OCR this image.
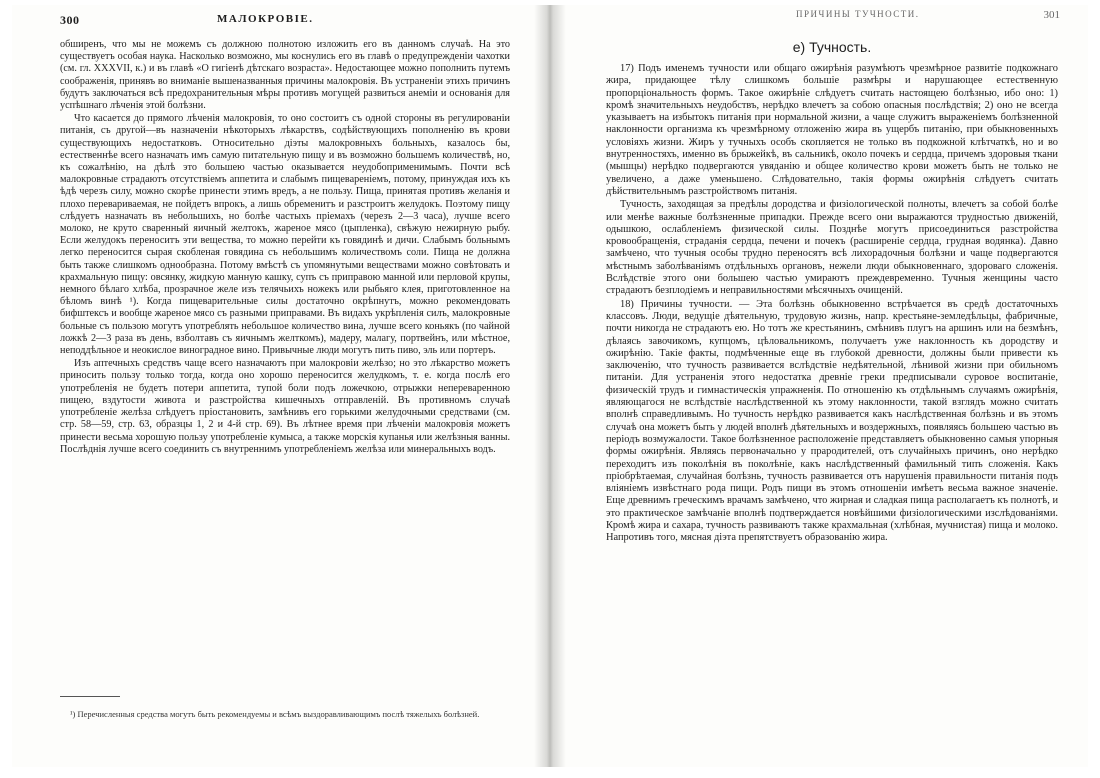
300	МАЛОКРОВІЕ.

обширенъ, что мы не можемъ съ должною полнотою изложить его въ данномъ случаѣ. На это существуетъ особая наука. Насколько возможно, мы коснулись его въ главѣ о предупрежденіи чахотки (см. гл. XXXVII, к.) и въ главѣ «О гигіенѣ дѣтскаго возраста». Недостающее можно пополнить путемъ соображенія, принявъ во вниманіе вышеназванныя причины малокровія. Въ устраненіи этихъ причинъ будутъ заключаться всѣ предохранительныя мѣры противъ могущей развиться анеміи и основанія для успѣшнаго лѣченія этой болѣзни.

Что касается до прямого лѣченія малокровія, то оно состоитъ съ одной стороны въ регулированіи питанія, съ другой—въ назначеніи нѣкоторыхъ лѣкарствъ, содѣйствующихъ пополненію въ крови существующихъ недостатковъ. Относительно діэты малокровныхъ больныхъ, казалось бы, естественнѣе всего назначать имъ самую питательную пищу и въ возможно большемъ количествѣ, но, къ сожалѣнію, на дѣлѣ это большею частью оказывается неудобоприменимымъ. Почти всѣ малокровные страдаютъ отсутствіемъ аппетита и слабымъ пищевареніемъ, потому, принуждая ихъ къ ѣдѣ черезъ силу, можно скорѣе принести этимъ вредъ, а не пользу. Пища, принятая противъ желанія и плохо перевариваемая, не пойдетъ впрокъ, а лишь обременитъ и разстроитъ желудокъ. Поэтому пищу слѣдуетъ назначать въ небольшихъ, но болѣе частыхъ пріемахъ (черезъ 2—3 часа), лучше всего молоко, не круто сваренный яичный желтокъ, жареное мясо (цыпленка), свѣжую нежирную рыбу. Если желудокъ переноситъ эти вещества, то можно перейти къ говядинѣ и дичи. Слабымъ больнымъ легко переносится сырая скобленая говядина съ небольшимъ количествомъ соли. Пища не должна быть также слишкомъ однообразна. Потому вмѣстѣ съ упомянутыми веществами можно совѣтовать и крахмальную пищу: овсянку, жидкую манную кашку, супъ съ приправою манной или перловой крупы, немного бѣлаго хлѣба, прозрачное желе изъ телячьихъ ножекъ или рыбьяго клея, приготовленное на бѣломъ винѣ ¹). Когда пищеварительные силы достаточно окрѣпнутъ, можно рекомендовать бифштексъ и вообще жареное мясо съ разными приправами. Въ видахъ укрѣпленія силъ, малокровные больные съ пользою могутъ употреблять небольшое количество вина, лучше всего коньякъ (по чайной ложкѣ 2—3 раза въ день, взболтавъ съ яичнымъ желткомъ), мадеру, малагу, портвейнъ, или мѣстное, неподдѣльное и неокислое виноградное вино. Привычные люди могутъ пить пиво, эль или портеръ.

Изъ аптечныхъ средствъ чаще всего назначаютъ при малокровіи желѣзо; но это лѣкарство можетъ приносить пользу только тогда, когда оно хорошо переносится желудкомъ, т. е. когда послѣ его употребленія не будетъ потери аппетита, тупой боли подъ ложечкою, отрыжки неперевареннoю пищею, вздутости живота и разстройства кишечныхъ отправленій. Въ противномъ случаѣ употребленіе желѣза слѣдуетъ пріостановить, замѣнивъ его горькими желудочными средствами (см. стр. 58—59, стр. 63, образцы 1, 2 и 4-й стр. 69). Въ лѣтнее время при лѣченіи малокровія можетъ принести весьма хорошую пользу употребленіе кумыса, а также морскія купанья или желѣзныя ванны. Послѣднія лучше всего соединить съ внутреннимъ употребленіемъ желѣза или минеральныхъ водъ.

¹) Перечисленныя средства могутъ быть рекомендуемы и всѣмъ выздоравливающимъ послѣ тяжелыхъ болѣзней.
ПРИЧИНЫ ТУЧНОСТИ.	301
е) Тучность.

17) Подъ именемъ тучности или общаго ожирѣнія разумѣютъ чрезмѣрное развитіе подкожнаго жира, придающее тѣлу слишкомъ большіе размѣры и нарушающее естественную пропорціональность формъ. Такое ожирѣніе слѣдуетъ считать настоящею болѣзнью, ибо оно: 1) кромѣ значительныхъ неудобствъ, нерѣдко влечетъ за собою опасныя послѣдствія; 2) оно не всегда указываетъ на избытокъ питанія при нормальной жизни, а чаще служитъ выраженіемъ болѣзненной наклонности организма къ чрезмѣрному отложенію жира въ ущербъ питанію, при обыкновенныхъ условіяхъ жизни. Жиръ у тучныхъ особъ скопляется не только въ подкожной клѣтчаткѣ, но и во внутренностяхъ, именно въ брыжейкѣ, въ сальникѣ, около почекъ и сердца, причемъ здоровыя ткани (мышцы) нерѣдко подвергаются увяданію и общее количество крови можетъ быть не только не увеличено, а даже уменьшено. Слѣдовательно, такія формы ожирѣнія слѣдуетъ считать дѣйствительнымъ разстройствомъ питанія.

Тучность, заходящая за предѣлы дородства и физіологической полноты, влечетъ за собой болѣе или менѣе важные болѣзненные припадки. Прежде всего они выражаются трудностью движеній, одышкою, ослабленіемъ физической силы. Позднѣе могутъ присоединиться разстройства кровообращенія, страданія сердца, печени и почекъ (расширеніе сердца, грудная водянка). Давно замѣчено, что тучныя особы трудно переносятъ всѣ лихорадочныя болѣзни и чаще подвергаются мѣстнымъ заболѣваніямъ отдѣльныхъ органовъ, нежели люди обыкновеннаго, здороваго сложенія. Вслѣдствіе этого они большею частью умираютъ преждевременно. Тучныя женщины часто страдаютъ безплодіемъ и неправильностями мѣсячныхъ очищеній.

18) Причины тучности. — Эта болѣзнь обыкновенно встрѣчается въ средѣ достаточныхъ классовъ. Люди, ведущіе дѣятельную, трудовую жизнь, напр. крестьяне-земледѣльцы, фабричные, почти никогда не страдаютъ ею. Но тотъ же крестьянинъ, смѣнивъ плугъ на аршинъ или на безмѣнъ, дѣлаясь завочикомъ, купцомъ, цѣловальникомъ, получаетъ уже наклонность къ дородству и ожирѣнію. Такіе факты, подмѣченные еще въ глубокой древности, должны были привести къ заключенію, что тучность развивается вслѣдствіе недѣятельной, лѣнивой жизни при обильномъ питаніи. Для устраненія этого недостатка древніе греки предписывали суровое воспитаніе, физическій трудъ и гимнастическія упражненія. По отношенію къ отдѣльнымъ случаямъ ожирѣнія, являющагося не вслѣдствіе наслѣдственной къ этому наклонности, такой взглядъ можно считать вполнѣ справедливымъ. Но тучность нерѣдко развивается какъ наслѣдственная болѣзнь и въ этомъ случаѣ она можетъ быть у людей вполнѣ дѣятельныхъ и воздержныхъ, появляясь большею частью въ періодъ возмужалости. Такое болѣзненное расположеніе представляетъ обыкновенно самыя упорныя формы ожирѣнія. Являясь первоначально у прародителей, отъ случайныхъ причинъ, оно нерѣдко переходитъ изъ поколѣнія въ поколѣніе, какъ наслѣдственный фамильный типъ сложенія. Какъ пріобрѣтаемая, случайная болѣзнь, тучность развивается отъ нарушенія правильности питанія подъ вліяніемъ извѣстнаго рода пищи. Родъ пищи въ этомъ отношеніи имѣетъ весьма важное значеніе. Еще древнимъ греческимъ врачамъ замѣчено, что жирная и сладкая пища располагаетъ къ полнотѣ, и это практическое замѣчаніе вполнѣ подтверждается новѣйшими физіологическими изслѣдованіями. Кромѣ жира и сахара, тучность развиваютъ также крахмальная (хлѣбная, мучнистая) пища и молоко. Напротивъ того, мясная діэта препятствуетъ образованію жира.
